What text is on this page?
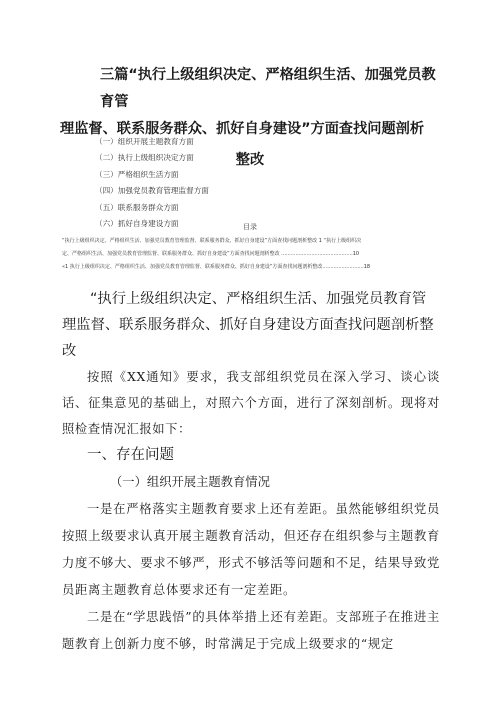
三篇“执行上级组织决定、严格组织生活、加强党员教育管
理监督、联系服务群众、抓好自身建设”方面查找问题剖析
整改
（一）组织开展主题教育方面
（二）执行上级组织决定方面
（三）严格组织生活方面
（四）加强党员教育管理监督方面
（五）联系服务群众方面
（六）抓好自身建设方面	目录
“执行上级组织决定、严格组织生活、加强党员教育管理监督、联系服务群众、抓好自身建设”方面查找问题剖析整改 1 “执行上级组织决
定、严格组织生活、加强党员教育管理监督、联系服务群众、抓好自身建设”方面查找问题剖析整改 .............................................10
«1 执行上级组织决定、严格组织生活、加强党员教育管理监督、联系服务群众、抓好自身建设”方面查找问题剖析整改..........................18

“执行上级组织决定、严格组织生活、加强党员教育管理监督、联系服务群众、抓好自身建设方面查找问题剖析整改

按照《XX通知》要求，我支部组织党员在深入学习、谈心谈话、征集意见的基础上，对照六个方面，进行了深刻剖析。现将对照检查情况汇报如下：

一、存在问题

（一）组织开展主题教育情况

一是在严格落实主题教育要求上还有差距。虽然能够组织党员按照上级要求认真开展主题教育活动，但还存在组织参与主题教育力度不够大、要求不够严，形式不够活等问题和不足，结果导致党员距离主题教育总体要求还有一定差距。

二是在“学思践悟”的具体举措上还有差距。支部班子在推进主题教育上创新力度不够，时常满足于完成上级要求的“规定
